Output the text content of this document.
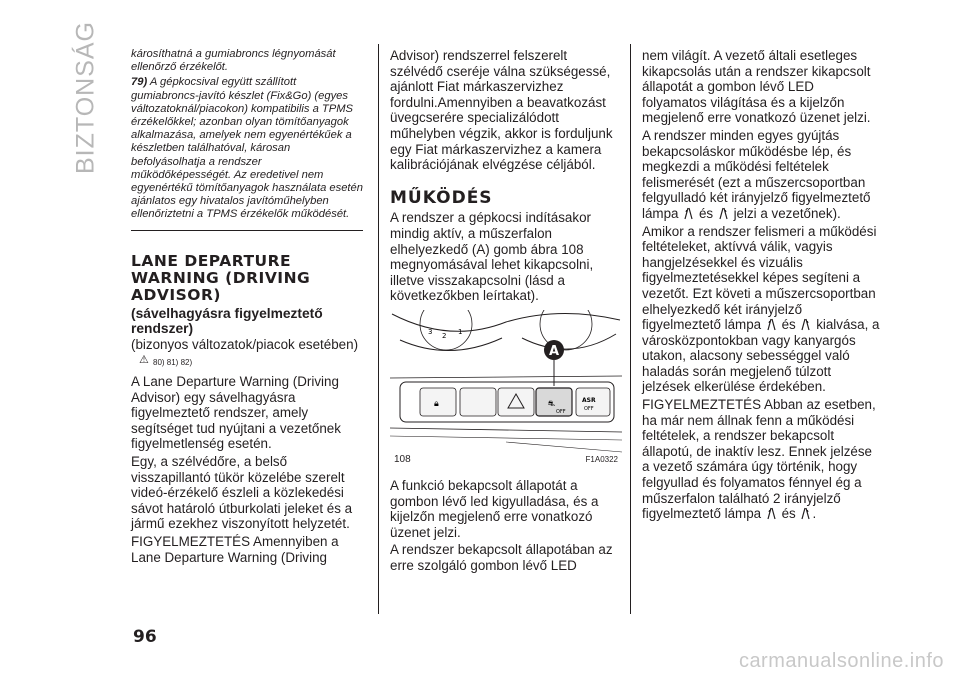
BIZTONSÁG	károsíthatná a gumiabroncs légnyomását ellenőrző érzékelőt.

79) A gépkocsival együtt szállított gumiabroncs-javító készlet (Fix&Go) (egyes változatoknál/piacokon) kompatibilis a TPMS érzékelőkkel; azonban olyan tömítőanyagok alkalmazása, amelyek nem egyenértékűek a készletben találhatóval, károsan befolyásolhatja a rendszer működőképességét. Az eredetivel nem egyenértékű tömítőanyagok használata esetén ajánlatos egy hivatalos javítóműhelyben ellenőriztetni a TPMS érzékelők működését.

LANE DEPARTURE WARNING (DRIVING ADVISOR)
(sávelhagyásra figyelmeztető rendszer)

(bizonyos változatok/piacok esetében)

⚠ 80) 81) 82)

A Lane Departure Warning (Driving Advisor) egy sávelhagyásra figyelmeztető rendszer, amely segítséget tud nyújtani a vezetőnek figyelmetlenség esetén.

Egy, a szélvédőre, a belső visszapillantó tükör közelébe szerelt videó-érzékelő észleli a közlekedési sávot határoló útburkolati jeleket és a jármű ezekhez viszonyított helyzetét.

FIGYELMEZTETÉS Amennyiben a Lane Departure Warning (Driving

Advisor) rendszerrel felszerelt szélvédő cseréje válna szükségessé, ajánlott Fiat márkaszervizhez fordulni.Amennyiben a beavatkozást üvegcserére specializálódott műhelyben végzik, akkor is forduljunk egy Fiat márkaszervizhez a kamera kalibrációjának elvégzése céljából.

MŰKÖDÉS

A rendszer a gépkocsi indításakor mindig aktív, a műszerfalon elhelyezkedő (A) gomb ábra 108 megnyomásával lehet kikapcsolni, illetve visszakapcsolni (lásd a következőkben leírtakat).

3 2 1
🔒︎	⛐
OFF
ASR
OFF
A
108	F1A0322

A funkció bekapcsolt állapotát a gombon lévő led kigyulladása, és a kijelzőn megjelenő erre vonatkozó üzenet jelzi.

A rendszer bekapcsolt állapotában az erre szolgáló gombon lévő LED

nem világít. A vezető általi esetleges kikapcsolás után a rendszer kikapcsolt állapotát a gombon lévő LED folyamatos világítása és a kijelzőn megjelenő erre vonatkozó üzenet jelzi.

A rendszer minden egyes gyújtás bekapcsoláskor működésbe lép, és megkezdi a működési feltételek felismerését (ezt a műszercsoportban felgyulladó két irányjelző figyelmeztető lámpa és jelzi a vezetőnek).

Amikor a rendszer felismeri a működési feltételeket, aktívvá válik, vagyis hangjelzésekkel és vizuális figyelmeztetésekkel képes segíteni a vezetőt. Ezt követi a műszercsoportban elhelyezkedő két irányjelző figyelmeztető lámpa és kialvása, a városközpontokban vagy kanyargós utakon, alacsony sebességgel való haladás során megjelenő túlzott jelzések elkerülése érdekében.

FIGYELMEZTETÉS Abban az esetben, ha már nem állnak fenn a működési feltételek, a rendszer bekapcsolt állapotú, de inaktív lesz. Ennek jelzése a vezető számára úgy történik, hogy felgyullad és folyamatos fénnyel ég a műszerfalon található 2 irányjelző figyelmeztető lámpa és .

96
carmanualsonline.info
